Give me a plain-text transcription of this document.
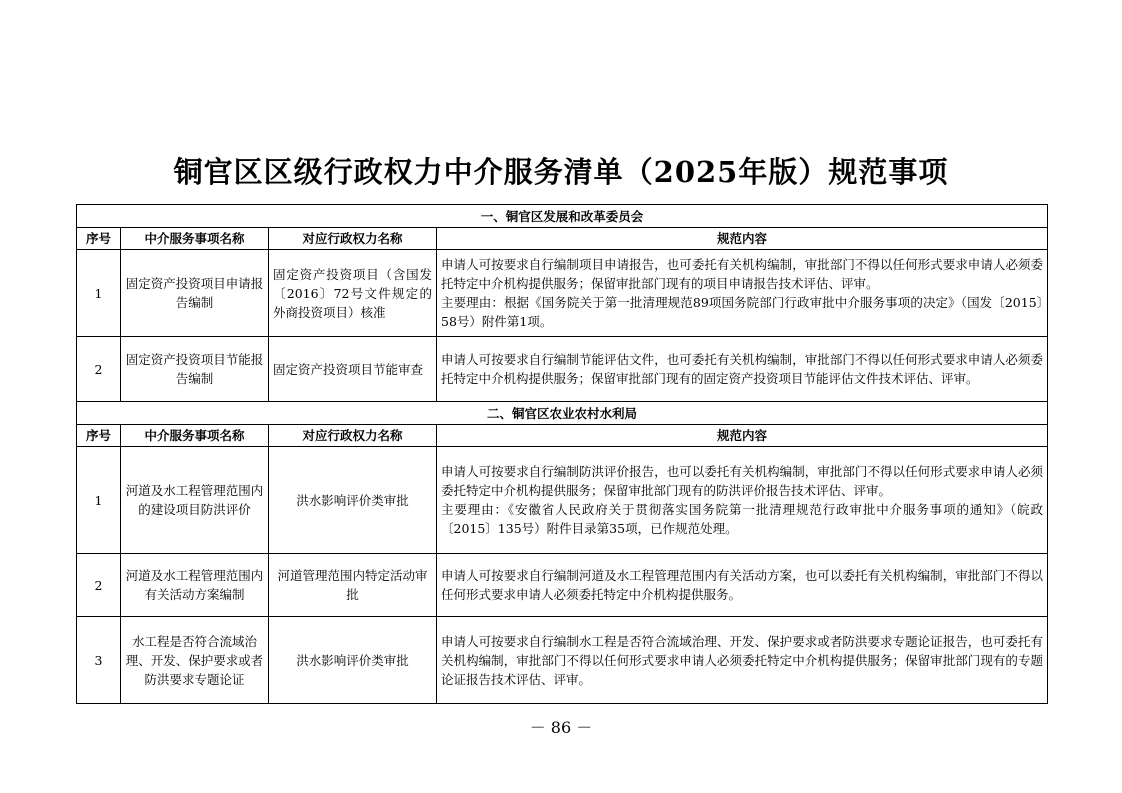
铜官区区级行政权力中介服务清单（2025年版）规范事项
一、铜官区发展和改革委员会			
序号	中介服务事项名称	对应行政权力名称	规范内容
1	固定资产投资项目申请报告编制	固定资产投资项目（含国发〔2016〕72号文件规定的外商投资项目）核准	申请人可按要求自行编制项目申请报告，也可委托有关机构编制，审批部门不得以任何形式要求申请人必须委托特定中介机构提供服务；保留审批部门现有的项目申请报告技术评估、评审。
主要理由：根据《国务院关于第一批清理规范89项国务院部门行政审批中介服务事项的决定》（国发〔2015〕58号）附件第1项。

2	固定资产投资项目节能报告编制	固定资产投资项目节能审查	申请人可按要求自行编制节能评估文件，也可委托有关机构编制，审批部门不得以任何形式要求申请人必须委托特定中介机构提供服务；保留审批部门现有的固定资产投资项目节能评估文件技术评估、评审。

二、铜官区农业农村水利局			
序号	中介服务事项名称	对应行政权力名称	规范内容
1	河道及水工程管理范围内的建设项目防洪评价	洪水影响评价类审批	申请人可按要求自行编制防洪评价报告，也可以委托有关机构编制，审批部门不得以任何形式要求申请人必须委托特定中介机构提供服务；保留审批部门现有的防洪评价报告技术评估、评审。
主要理由：《安徽省人民政府关于贯彻落实国务院第一批清理规范行政审批中介服务事项的通知》（皖政〔2015〕135号）附件目录第35项，已作规范处理。

2	河道及水工程管理范围内有关活动方案编制	河道管理范围内特定活动审批	申请人可按要求自行编制河道及水工程管理范围内有关活动方案，也可以委托有关机构编制，审批部门不得以任何形式要求申请人必须委托特定中介机构提供服务。

3	水工程是否符合流域治理、开发、保护要求或者防洪要求专题论证	洪水影响评价类审批	申请人可按要求自行编制水工程是否符合流域治理、开发、保护要求或者防洪要求专题论证报告，也可委托有关机构编制，审批部门不得以任何形式要求申请人必须委托特定中介机构提供服务；保留审批部门现有的专题论证报告技术评估、评审。
－ 86 －
